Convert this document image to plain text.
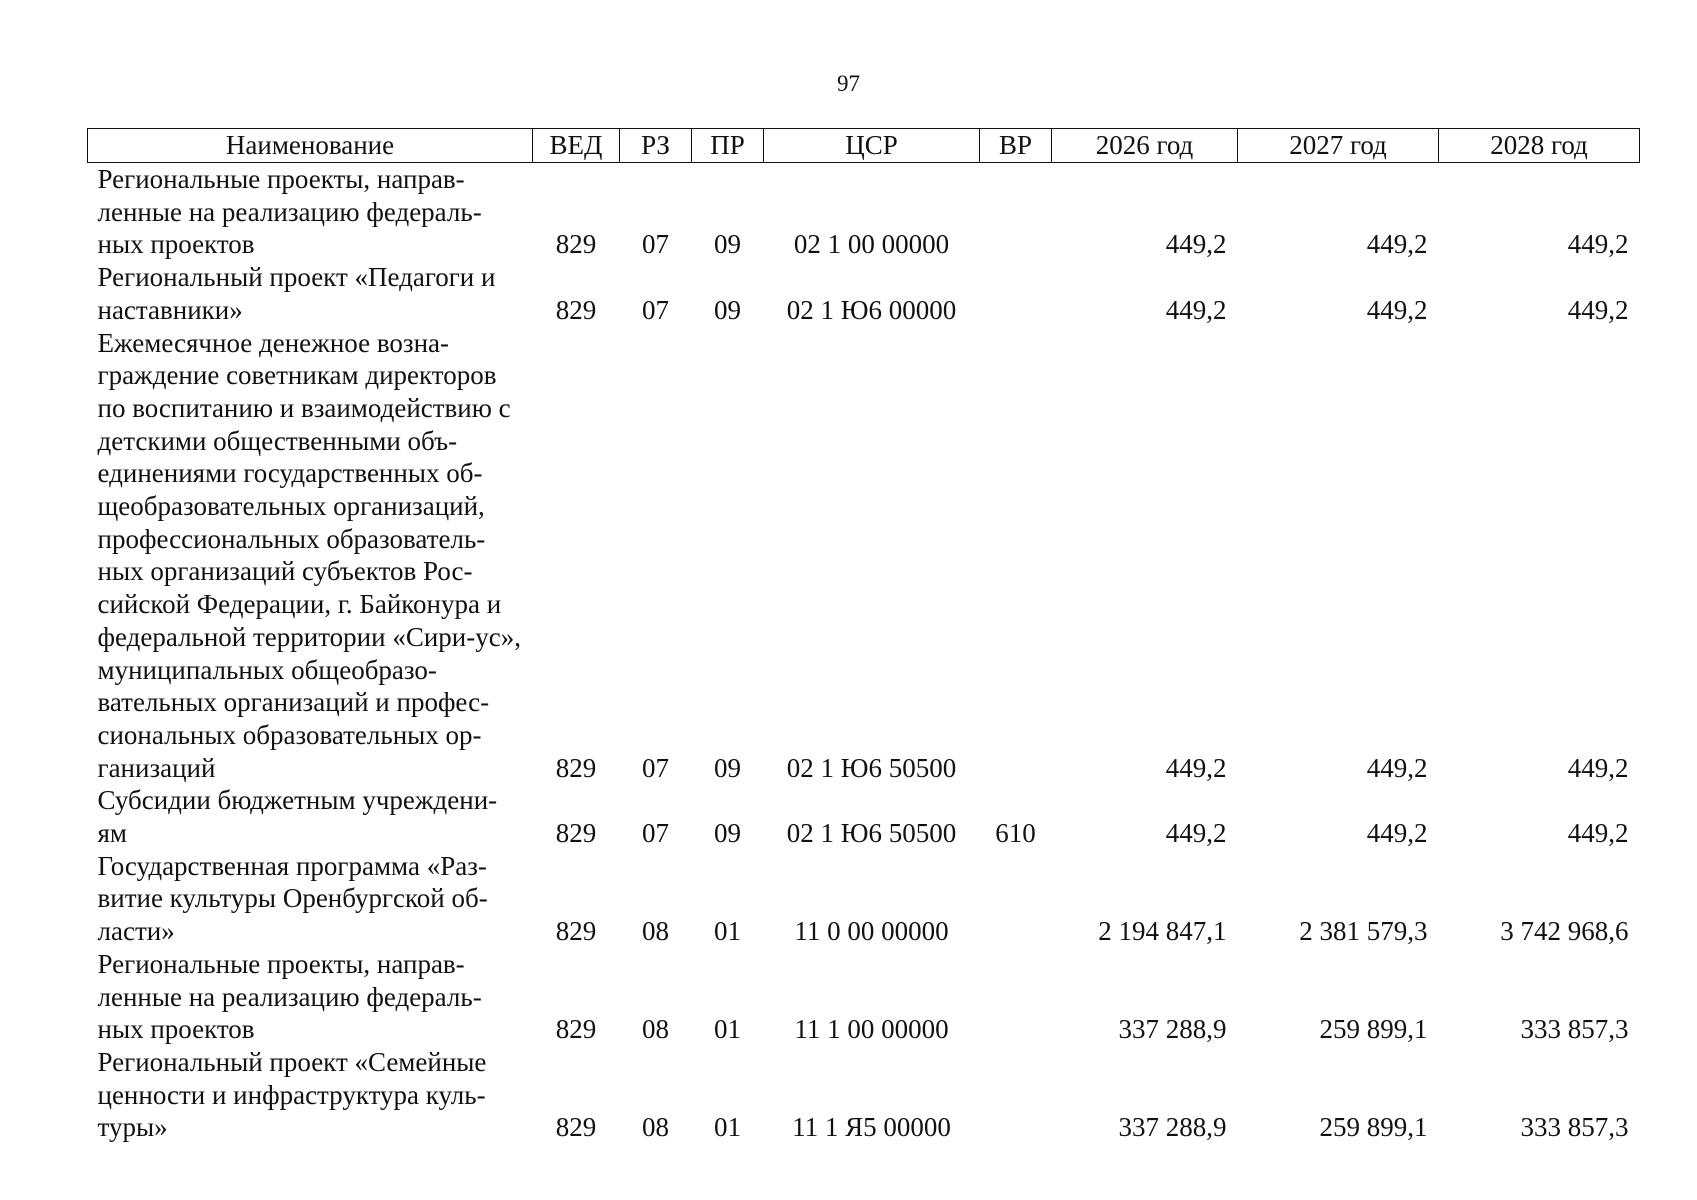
97
Наименование	ВЕД	РЗ	ПР	ЦСР	ВР	2026 год	2027 год	2028 год
Региональные проекты, направ-ленные на реализацию федераль-ных проектов	829	07	09	02 1 00 00000		449,2	449,2	449,2
Региональный проект «Педагоги и наставники»	829	07	09	02 1 Ю6 00000		449,2	449,2	449,2
Ежемесячное денежное возна-граждение советникам директоров по воспитанию и взаимодействию с детскими общественными объ-единениями государственных об-щеобразовательных организаций, профессиональных образователь-ных организаций субъектов Рос-сийской Федерации, г. Байконура и федеральной территории «Сири-ус», муниципальных общеобразо-вательных организаций и профес-сиональных образовательных ор-ганизаций	829	07	09	02 1 Ю6 50500		449,2	449,2	449,2
Субсидии бюджетным учреждени-ям	829	07	09	02 1 Ю6 50500	610	449,2	449,2	449,2
Государственная программа «Раз-витие культуры Оренбургской об-ласти»	829	08	01	11 0 00 00000		2 194 847,1	2 381 579,3	3 742 968,6
Региональные проекты, направ-ленные на реализацию федераль-ных проектов	829	08	01	11 1 00 00000		337 288,9	259 899,1	333 857,3
Региональный проект «Семейные ценности и инфраструктура куль-туры»	829	08	01	11 1 Я5 00000		337 288,9	259 899,1	333 857,3
